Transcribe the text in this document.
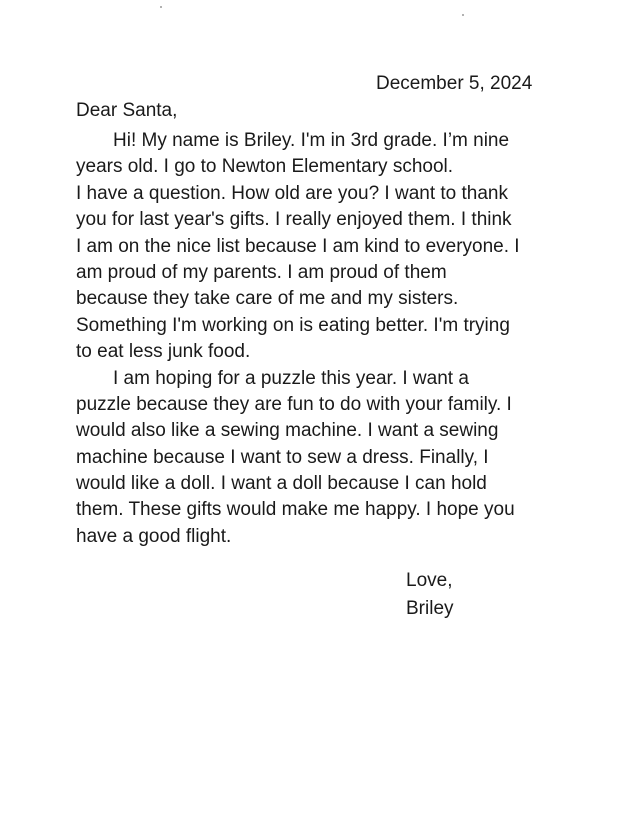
December 5, 2024
Dear Santa,
Hi! My name is Briley. I'm in 3rd grade. I’m nine
years old. I go to Newton Elementary school.
I have a question. How old are you? I want to thank
you for last year's gifts. I really enjoyed them. I think
I am on the nice list because I am kind to everyone. I
am proud of my parents. I am proud of them
because they take care of me and my sisters.
Something I'm working on is eating better. I'm trying
to eat less junk food.
I am hoping for a puzzle this year. I want a
puzzle because they are fun to do with your family. I
would also like a sewing machine. I want a sewing
machine because I want to sew a dress. Finally, I
would like a doll. I want a doll because I can hold
them. These gifts would make me happy. I hope you
have a good flight.
Love,
Briley
